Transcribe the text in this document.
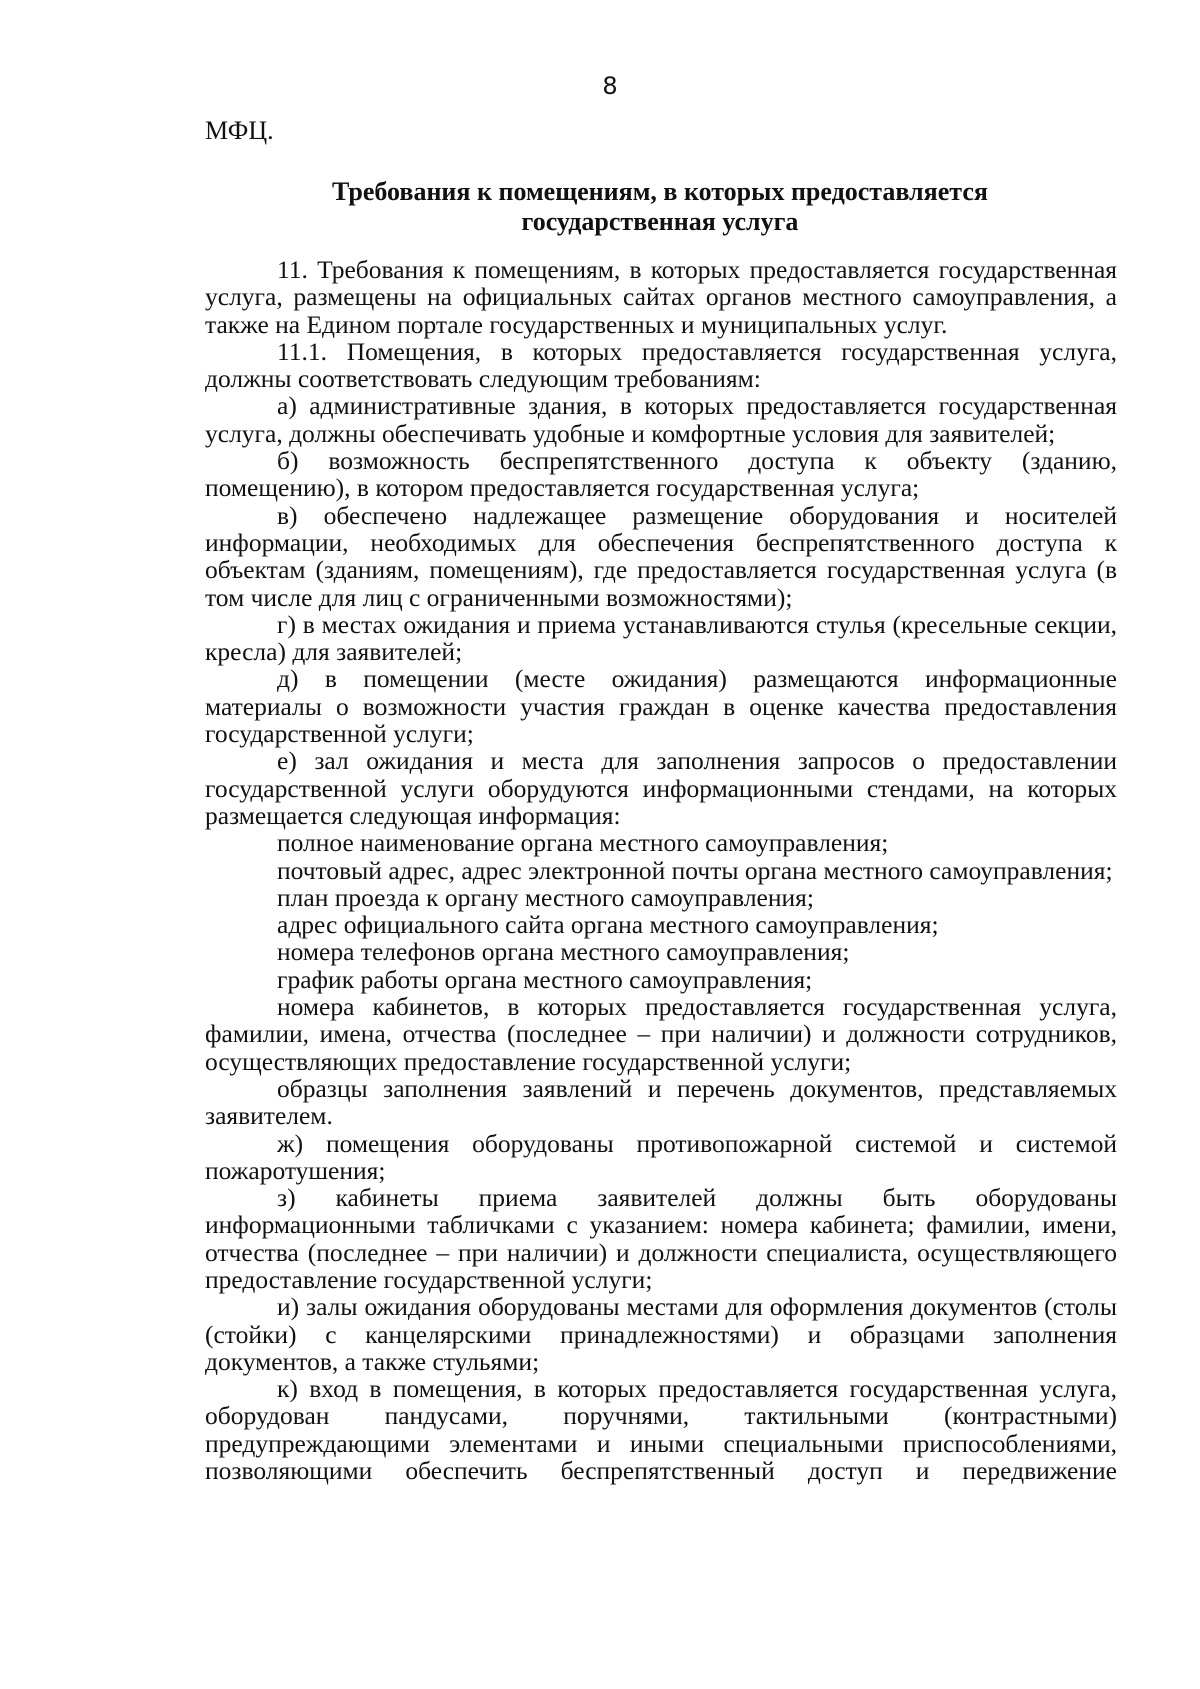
8
МФЦ.
Требования к помещениям, в которых предоставляется
государственная услуга

11. Требования к помещениям, в которых предоставляется государственная услуга, размещены на официальных сайтах органов местного самоуправления, а также на Едином портале государственных и муниципальных услуг.

11.1. Помещения, в которых предоставляется государственная услуга, должны соответствовать следующим требованиям:

а) административные здания, в которых предоставляется государственная услуга, должны обеспечивать удобные и комфортные условия для заявителей;

б) возможность беспрепятственного доступа к объекту (зданию, помещению), в котором предоставляется государственная услуга;

в) обеспечено надлежащее размещение оборудования и носителей информации, необходимых для обеспечения беспрепятственного доступа к объектам (зданиям, помещениям), где предоставляется государственная услуга (в том числе для лиц с ограниченными возможностями);

г) в местах ожидания и приема устанавливаются стулья (кресельные секции, кресла) для заявителей;

д) в помещении (месте ожидания) размещаются информационные материалы о возможности участия граждан в оценке качества предоставления государственной услуги;

е) зал ожидания и места для заполнения запросов о предоставлении государственной услуги оборудуются информационными стендами, на которых размещается следующая информация:

полное наименование органа местного самоуправления;

почтовый адрес, адрес электронной почты органа местного самоуправления;

план проезда к органу местного самоуправления;

адрес официального сайта органа местного самоуправления;

номера телефонов органа местного самоуправления;

график работы органа местного самоуправления;

номера кабинетов, в которых предоставляется государственная услуга, фамилии, имена, отчества (последнее – при наличии) и должности сотрудников, осуществляющих предоставление государственной услуги;

образцы заполнения заявлений и перечень документов, представляемых заявителем.

ж) помещения оборудованы противопожарной системой и системой пожаротушения;

з) кабинеты приема заявителей должны быть оборудованы информационными табличками с указанием: номера кабинета; фамилии, имени, отчества (последнее – при наличии) и должности специалиста, осуществляющего предоставление государственной услуги;

и) залы ожидания оборудованы местами для оформления документов (столы (стойки) с канцелярскими принадлежностями) и образцами заполнения документов, а также стульями;

к) вход в помещения, в которых предоставляется государственная услуга, оборудован пандусами, поручнями, тактильными (контрастными) предупреждающими элементами и иными специальными приспособлениями, позволяющими обеспечить беспрепятственный доступ и передвижение
